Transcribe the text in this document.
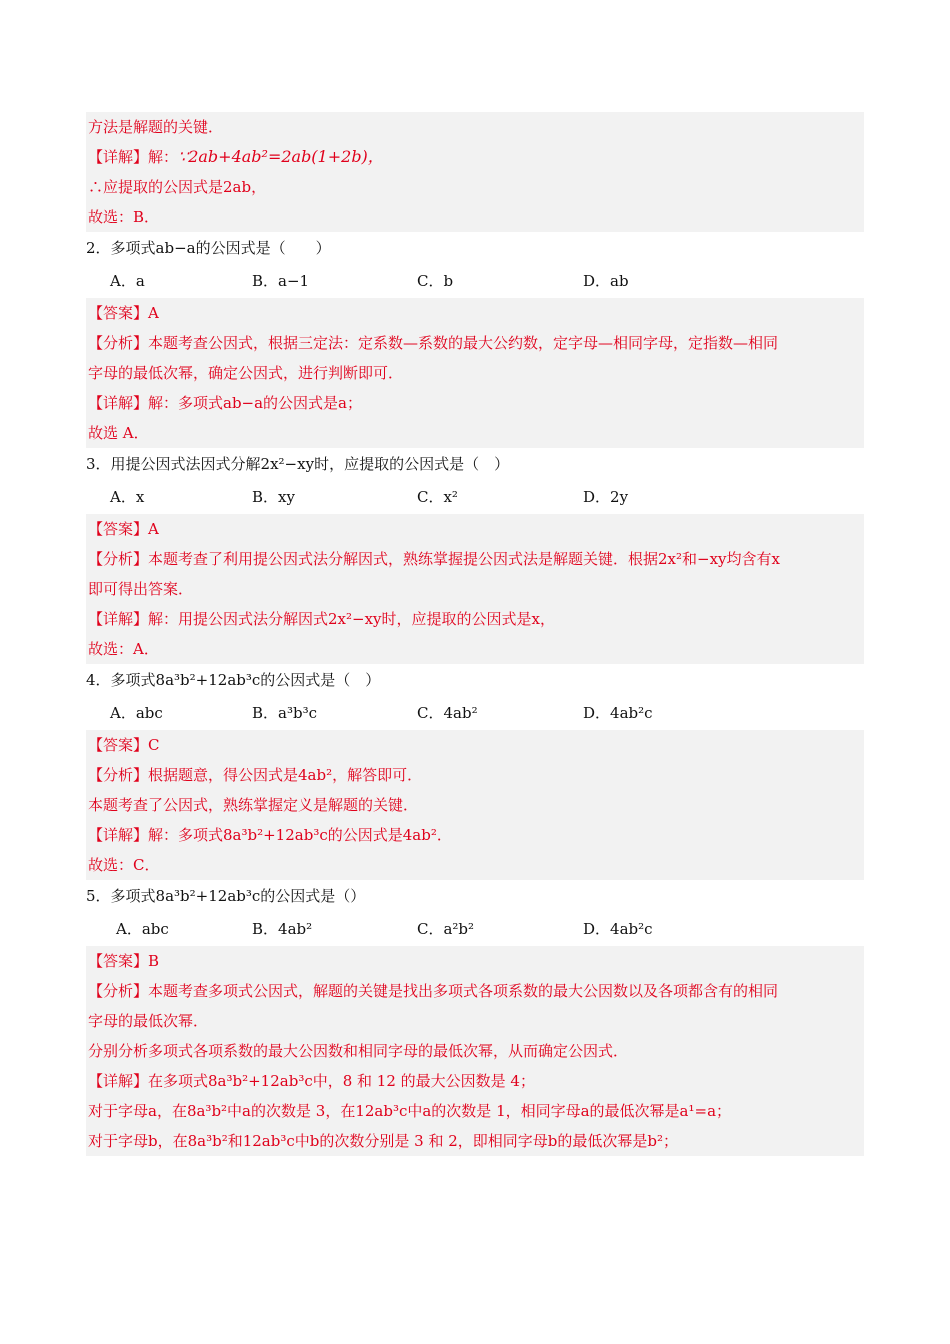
方法是解题的关键．
【详解】解：∵2ab+4ab²=2ab(1+2b)，
∴应提取的公因式是2ab，
故选：B．
2．多项式ab−a的公因式是（　　）
A．a	B．a−1	C．b	D．ab
【答案】A
【分析】本题考查公因式，根据三定法：定系数—系数的最大公约数，定字母—相同字母，定指数—相同
字母的最低次幂，确定公因式，进行判断即可．
【详解】解：多项式ab−a的公因式是a；
故选 A．
3．用提公因式法因式分解2x²−xy时，应提取的公因式是（　）
A．x	B．xy	C．x²	D．2y
【答案】A
【分析】本题考查了利用提公因式法分解因式，熟练掌握提公因式法是解题关键．根据2x²和−xy均含有x
即可得出答案．
【详解】解：用提公因式法分解因式2x²−xy时，应提取的公因式是x，
故选：A．
4．多项式8a³b²+12ab³c的公因式是（　）
A．abc	B．a³b³c	C．4ab²	D．4ab²c
【答案】C
【分析】根据题意，得公因式是4ab²，解答即可．
本题考查了公因式，熟练掌握定义是解题的关键．
【详解】解：多项式8a³b²+12ab³c的公因式是4ab²．
故选：C．
5．多项式8a³b²+12ab³c的公因式是（）
A．abc	B．4ab²	C．a²b²	D．4ab²c
【答案】B
【分析】本题考查多项式公因式，解题的关键是找出多项式各项系数的最大公因数以及各项都含有的相同
字母的最低次幂．
分别分析多项式各项系数的最大公因数和相同字母的最低次幂，从而确定公因式．
【详解】在多项式8a³b²+12ab³c中，8 和 12 的最大公因数是 4；
对于字母a，在8a³b²中a的次数是 3，在12ab³c中a的次数是 1，相同字母a的最低次幂是a¹=a；
对于字母b，在8a³b²和12ab³c中b的次数分别是 3 和 2，即相同字母b的最低次幂是b²；
